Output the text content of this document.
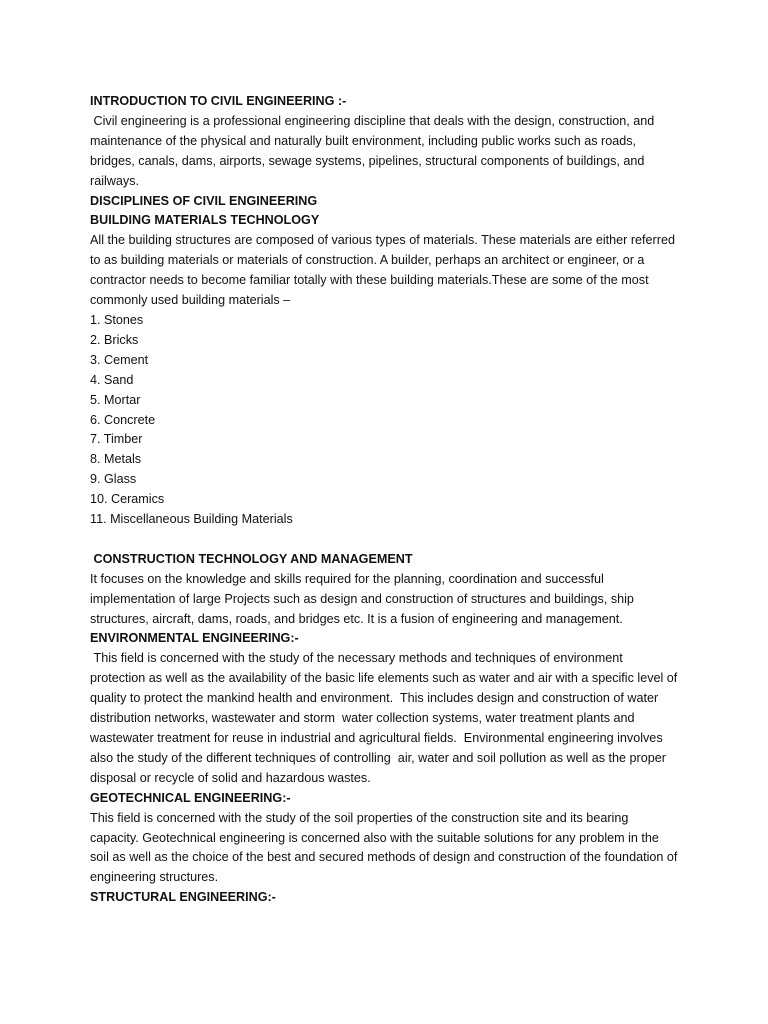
INTRODUCTION TO CIVIL ENGINEERING :-

Civil engineering is a professional engineering discipline that deals with the design, construction, and maintenance of the physical and naturally built environment, including public works such as roads, bridges, canals, dams, airports, sewage systems, pipelines, structural components of buildings, and railways.

DISCIPLINES OF CIVIL ENGINEERING

BUILDING MATERIALS TECHNOLOGY

All the building structures are composed of various types of materials. These materials are either referred to as building materials or materials of construction. A builder, perhaps an architect or engineer, or a contractor needs to become familiar totally with these building materials.These are some of the most commonly used building materials –

1. Stones
2. Bricks
3. Cement
4. Sand
5. Mortar
6. Concrete
7. Timber
8. Metals
9. Glass
10. Ceramics
11. Miscellaneous Building Materials

CONSTRUCTION TECHNOLOGY AND MANAGEMENT

It focuses on the knowledge and skills required for the planning, coordination and successful implementation of large Projects such as design and construction of structures and buildings, ship structures, aircraft, dams, roads, and bridges etc. It is a fusion of engineering and management.

ENVIRONMENTAL ENGINEERING:-

This field is concerned with the study of the necessary methods and techniques of environment protection as well as the availability of the basic life elements such as water and air with a specific level of quality to protect the mankind health and environment.  This includes design and construction of water distribution networks, wastewater and storm  water collection systems, water treatment plants and wastewater treatment for reuse in industrial and agricultural fields.  Environmental engineering involves also the study of the different techniques of controlling  air, water and soil pollution as well as the proper disposal or recycle of solid and hazardous wastes.

GEOTECHNICAL ENGINEERING:-

This field is concerned with the study of the soil properties of the construction site and its bearing capacity. Geotechnical engineering is concerned also with the suitable solutions for any problem in the soil as well as the choice of the best and secured methods of design and construction of the foundation of engineering structures.

STRUCTURAL ENGINEERING:-
